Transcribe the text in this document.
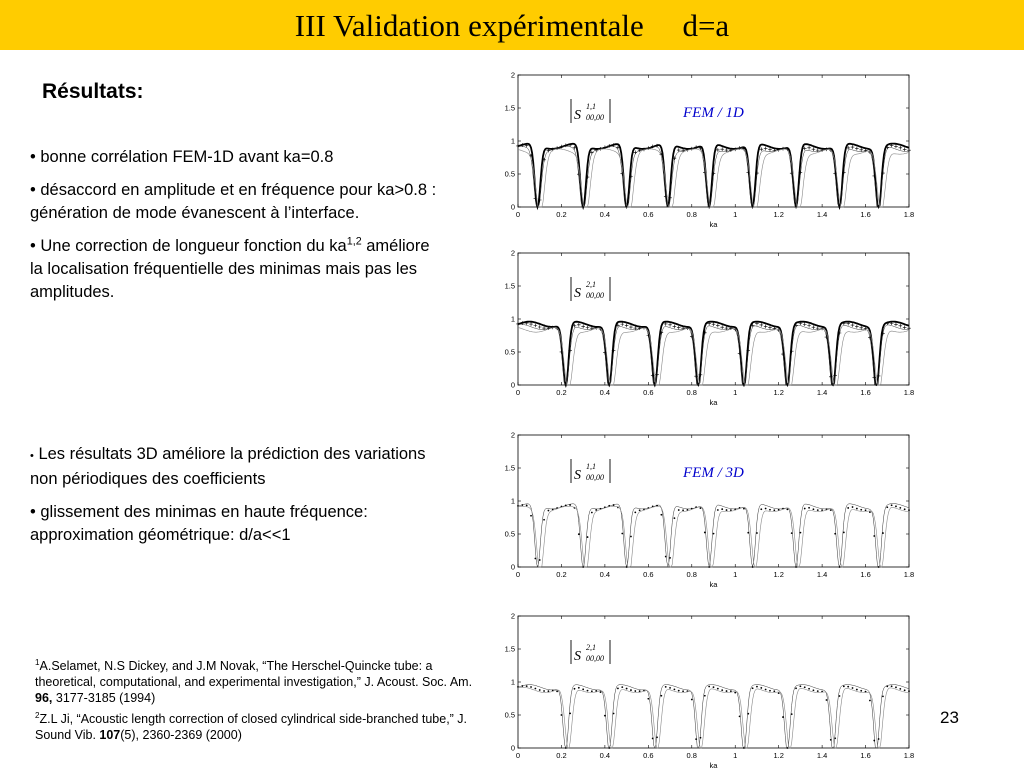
III Validation expérimentale     d=a
Résultats:

• bonne corrélation FEM-1D avant ka=0.8

• désaccord en amplitude et en fréquence pour ka>0.8 : génération de mode évanescent à l’interface.

• Une correction de longueur fonction du ka$^{1,2}$ améliore la localisation fréquentielle des minimas mais pas les amplitudes.

• Les résultats 3D améliore la prédiction des variations non périodiques des coefficients

• glissement des minimas en haute fréquence: approximation géométrique: d/a<<1

$^1$A.Selamet, N.S Dickey, and J.M Novak, “The Herschel-Quincke tube: a theoretical, computational, and experimental investigation,” J. Acoust. Soc. Am. 96, 3177-3185 (1994)

$^2$Z.L Ji, “Acoustic length correction of closed cylindrical side-branched tube,” J. Sound Vib. 107(5), 2360-2369 (2000)

23
0	0.2	0.4	0.6	0.8	1	1.2	1.4	1.6	1.8
0
0.5
1
1.5
2
ka
S
1,1
00,00	FEM / 1D
0	0.2	0.4	0.6	0.8	1	1.2	1.4	1.6	1.8
0
0.5
1
1.5
2
ka
S
2,1
00,00
0	0.2	0.4	0.6	0.8	1	1.2	1.4	1.6	1.8
0
0.5
1
1.5
2
ka
S
1,1
00,00	FEM / 3D
0	0.2	0.4	0.6	0.8	1	1.2	1.4	1.6	1.8
0
0.5
1
1.5
2
ka
S
2,1
00,00
